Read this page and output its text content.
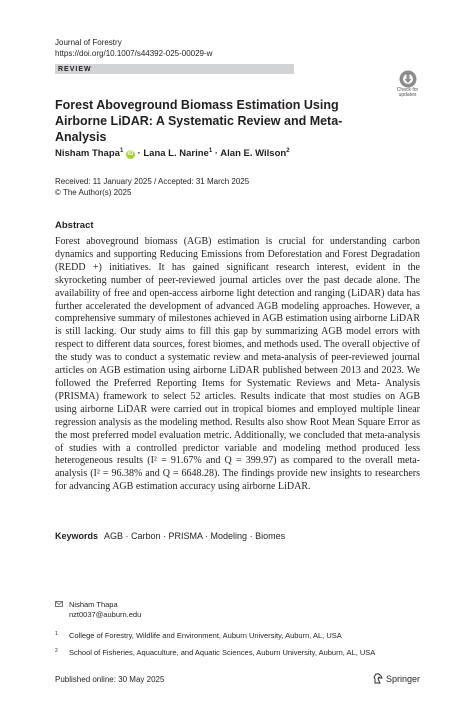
Journal of Forestry
https://doi.org/10.1007/s44392-025-00029-w
REVIEW
Check for
updates
Forest Aboveground Biomass Estimation Using Airborne LiDAR: A Systematic Review and Meta-Analysis
Nisham Thapa$^1$ iD · Lana L. Narine$^1$ · Alan E. Wilson$^2$
Received: 11 January 2025 / Accepted: 31 March 2025
© The Author(s) 2025
Abstract
Forest aboveground biomass (AGB) estimation is crucial for understanding carbon dynamics and supporting Reducing Emissions from Deforestation and Forest Degradation (REDD +) initiatives. It has gained significant research interest, evident in the skyrocketing number of peer-reviewed journal articles over the past decade alone. The availability of free and open-access airborne light detection and ranging (LiDAR) data has further accelerated the development of advanced AGB modeling approaches. However, a comprehensive summary of milestones achieved in AGB estimation using airborne LiDAR is still lacking. Our study aims to fill this gap by summarizing AGB model errors with respect to different data sources, forest biomes, and methods used. The overall objective of the study was to conduct a systematic review and meta-analysis of peer-reviewed journal articles on AGB estimation using airborne LiDAR published between 2013 and 2023. We followed the Preferred Reporting Items for Systematic Reviews and Meta- Analysis (PRISMA) framework to select 52 articles. Results indicate that most studies on AGB using airborne LiDAR were carried out in tropical biomes and employed multiple linear regression analysis as the modeling method. Results also show Root Mean Square Error as the most preferred model evaluation metric. Additionally, we concluded that meta-analysis of studies with a controlled predictor variable and modeling method produced less heterogeneous results (I² = 91.67% and Q = 399.97) as compared to the overall meta-analysis (I² = 96.38% and Q = 6648.28). The findings provide new insights to researchers for advancing AGB estimation accuracy using airborne LiDAR.
Keywords AGB · Carbon · PRISMA · Modeling · Biomes
Nisham Thapa
nzt0037@auburn.edu
$^1$ College of Forestry, Wildlife and Environment, Auburn University, Auburn, AL, USA
$^2$ School of Fisheries, Aquaculture, and Aquatic Sciences, Auburn University, Auburn, AL, USA
Published online: 30 May 2025	Springer
